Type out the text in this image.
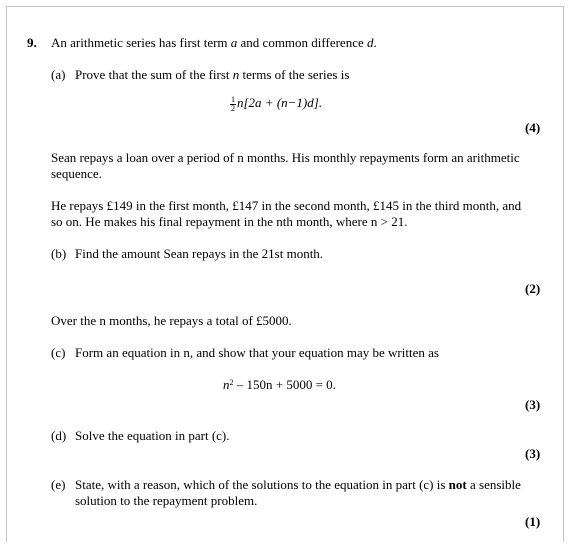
9. An arithmetic series has first term a and common difference d.
(a) Prove that the sum of the first n terms of the series is
$\frac{1}{2} n[2a + (n-1)d]$.
(4)
Sean repays a loan over a period of n months. His monthly repayments form an arithmetic
sequence.
He repays £149 in the first month, £147 in the second month, £145 in the third month, and
so on. He makes his final repayment in the nth month, where n > 21.
(b) Find the amount Sean repays in the 21st month.
(2)
Over the n months, he repays a total of £5000.
(c) Form an equation in n, and show that your equation may be written as
$n^2 - 150n + 5000 = 0$.
(3)
(d) Solve the equation in part (c).
(3)
(e) State, with a reason, which of the solutions to the equation in part (c) is not a sensible
solution to the repayment problem.
(1)
